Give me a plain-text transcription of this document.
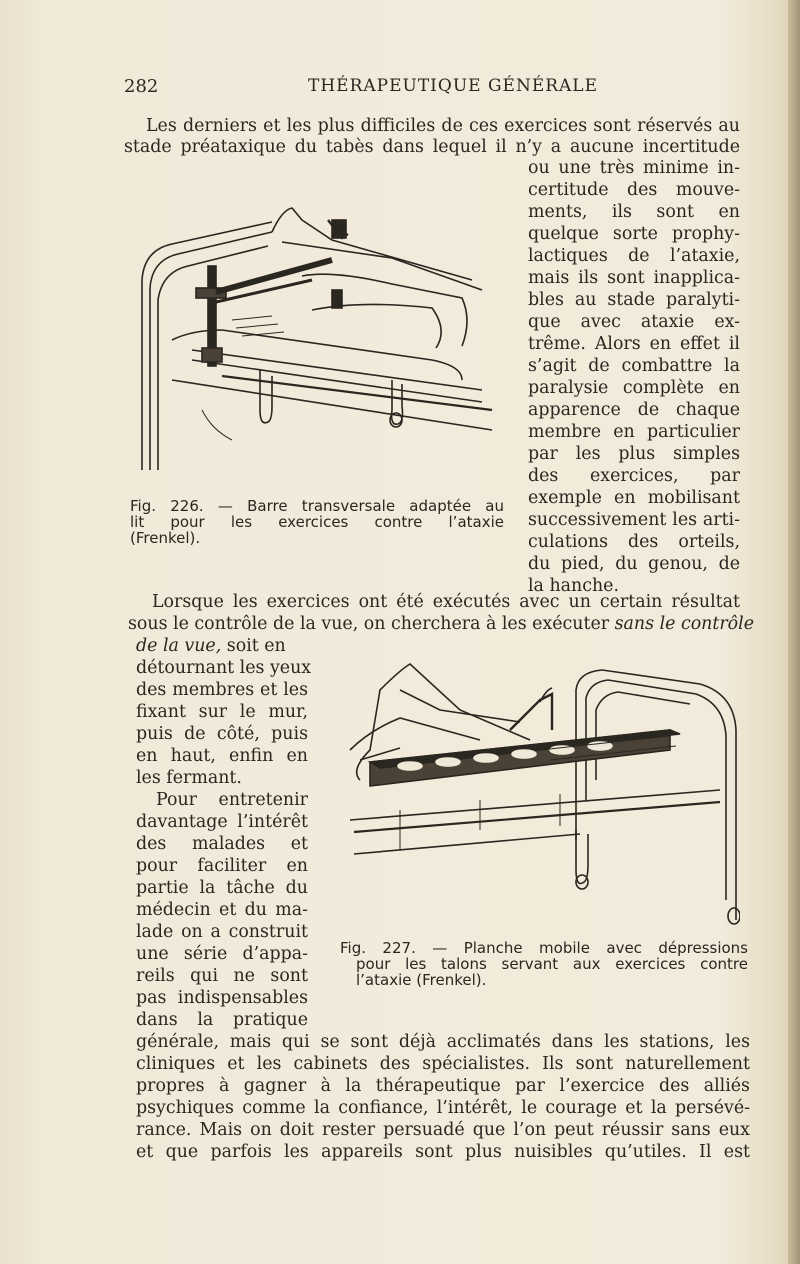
282	THÉRAPEUTIQUE GÉNÉRALE
Les derniers et les plus difficiles de ces exercices sont réservés au
stade préataxique du tabès dans lequel il n’y a aucune incertitude
ou une très minime in-
certitude des mouve-
ments, ils sont en
quelque sorte prophy-
lactiques de l’ataxie,
mais ils sont inapplica-
bles au stade paralyti-
que avec ataxie ex-
trême. Alors en effet il
s’agit de combattre la
paralysie complète en
apparence de chaque
membre en particulier
par les plus simples
des exercices, par
exemple en mobilisant
successivement les arti-
culations des orteils,
du pied, du genou, de
la hanche.
Fig. 226. — Barre transversale adaptée au
lit pour les exercices contre l’ataxie
(Frenkel).
Lorsque les exercices ont été exécutés avec un certain résultat
sous le contrôle de la vue, on cherchera à les exécuter sans le contrôle
de la vue, soit en
détournant les yeux
des membres et les
fixant sur le mur,
puis de côté, puis
en haut, enfin en
les fermant.
Pour entretenir
davantage l’intérêt
des malades et
pour faciliter en
partie la tâche du
médecin et du ma-
lade on a construit
une série d’appa-
reils qui ne sont
pas indispensables
dans la pratique
Fig. 227. — Planche mobile avec dépressions
pour les talons servant aux exercices contre
l’ataxie (Frenkel).
générale, mais qui se sont déjà acclimatés dans les stations, les
cliniques et les cabinets des spécialistes. Ils sont naturellement
propres à gagner à la thérapeutique par l’exercice des alliés
psychiques comme la confiance, l’intérêt, le courage et la persévé-
rance. Mais on doit rester persuadé que l’on peut réussir sans eux
et que parfois les appareils sont plus nuisibles qu’utiles. Il est
